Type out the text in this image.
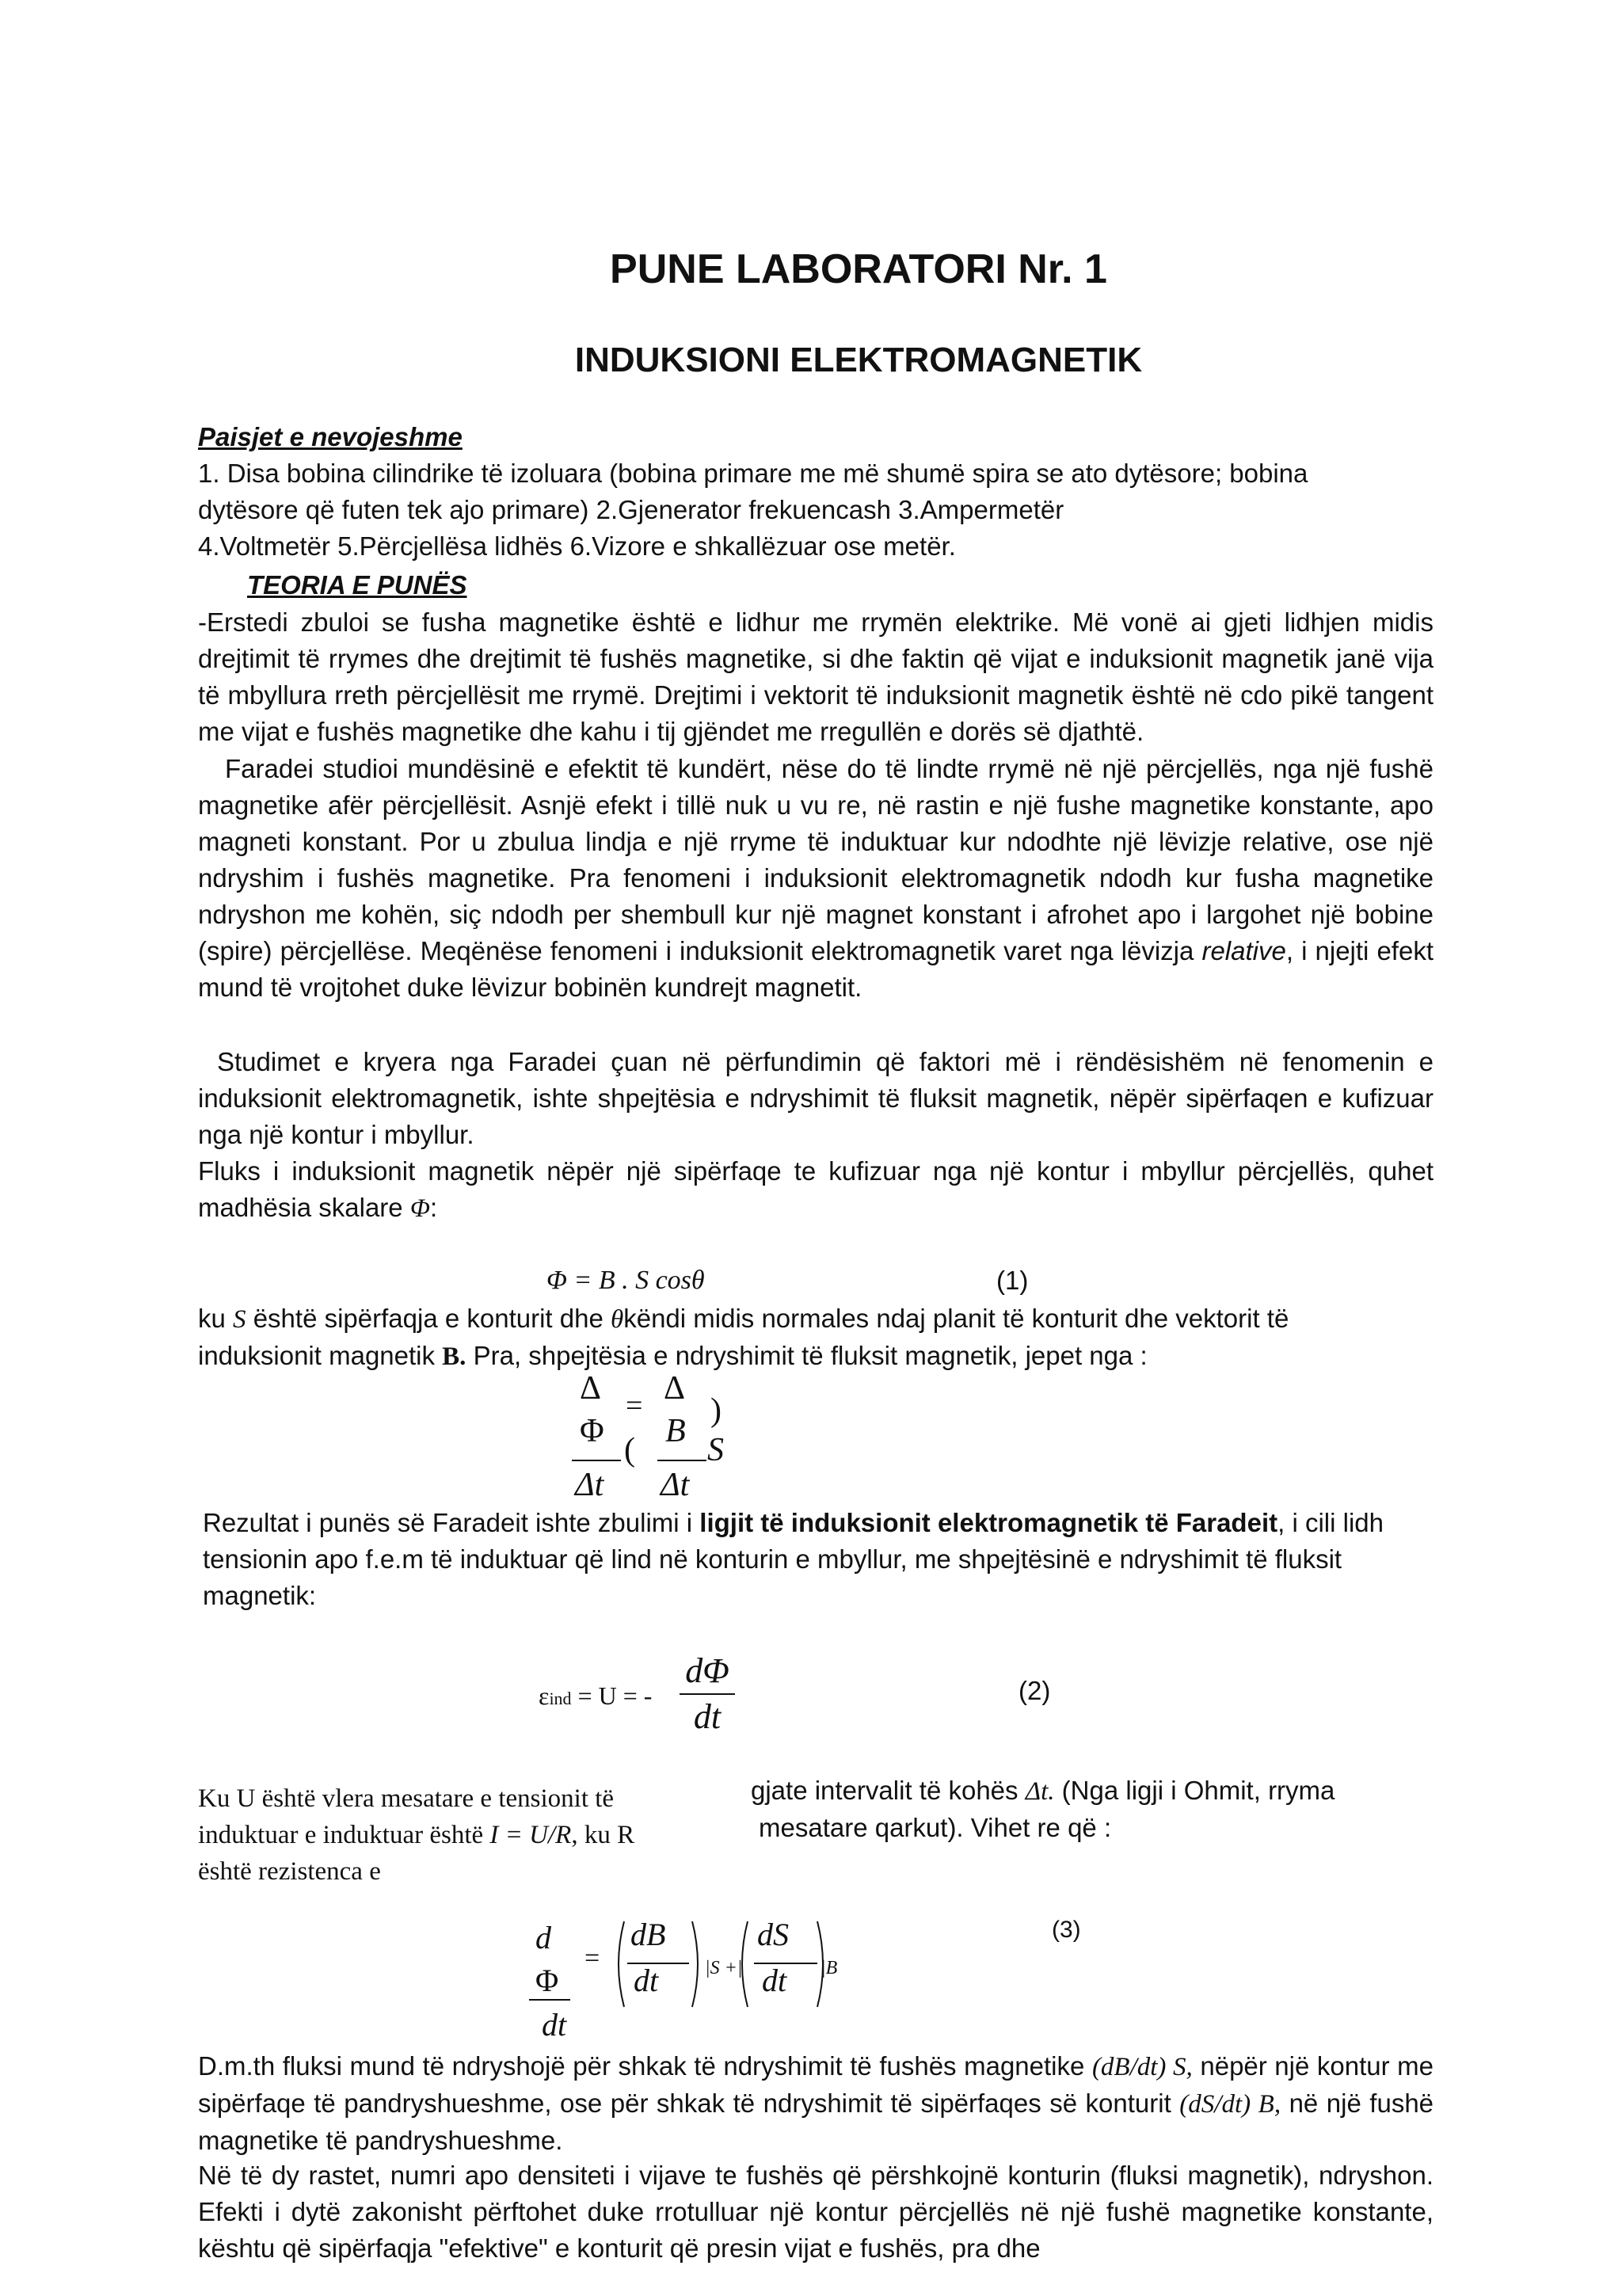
PUNE LABORATORI Nr. 1
INDUKSIONI ELEKTROMAGNETIK
Paisjet e nevojeshme
1. Disa bobina cilindrike të izoluara (bobina primare me më shumë spira se ato dytësore; bobina
dytësore që futen tek ajo primare) 2.Gjenerator frekuencash 3.Ampermetër
4.Voltmetër 5.Përcjellësa lidhës 6.Vizore e shkallëzuar ose metër.
TEORIA E PUNËS
-Erstedi zbuloi se fusha magnetike është e lidhur me rrymën elektrike. Më vonë ai gjeti lidhjen midis drejtimit të rrymes dhe drejtimit të fushës magnetike, si dhe faktin që vijat e induksionit magnetik janë vija të mbyllura rreth përcjellësit me rrymë. Drejtimi i vektorit të induksionit magnetik është në cdo pikë tangent me vijat e fushës magnetike dhe kahu i tij gjëndet me rregullën e dorës së djathtë.
Faradei studioi mundësinë e efektit të kundërt, nëse do të lindte rrymë në një përcjellës, nga një fushë magnetike afër përcjellësit. Asnjë efekt i tillë nuk u vu re, në rastin e një fushe magnetike konstante, apo magneti konstant. Por u zbulua lindja e një rryme të induktuar kur ndodhte një lëvizje relative, ose një ndryshim i fushës magnetike. Pra fenomeni i induksionit elektromagnetik ndodh kur fusha magnetike ndryshon me kohën, siç ndodh per shembull kur një magnet konstant i afrohet apo i largohet një bobine (spire) përcjellëse. Meqënëse fenomeni i induksionit elektromagnetik varet nga lëvizja relative, i njejti efekt mund të vrojtohet duke lëvizur bobinën kundrejt magnetit.
Studimet e kryera nga Faradei çuan në përfundimin që faktori më i rëndësishëm në fenomenin e induksionit elektromagnetik, ishte shpejtësia e ndryshimit të fluksit magnetik, nëpër sipërfaqen e kufizuar nga një kontur i mbyllur.
Fluks i induksionit magnetik nëpër një sipërfaqe te kufizuar nga një kontur i mbyllur përcjellës, quhet madhësia skalare Φ:
Φ = B . S cosθ	(1)
ku S është sipërfaqja e konturit dhe θkëndi midis normales ndaj planit të konturit dhe vektorit të
induksionit magnetik B. Pra, shpejtësia e ndryshimit të fluksit magnetik, jepet nga :
Δ = Δ
)
Φ B
( S
Δt Δt
Rezultat i punës së Faradeit ishte zbulimi i ligjit të induksionit elektromagnetik të Faradeit, i cili lidh tensionin apo f.e.m të induktuar që lind në konturin e mbyllur, me shpejtësinë e ndryshimit të fluksit magnetik:
εind = U = - $\frac{d\Phi}{dt}$	(2)
Ku U është vlera mesatare e tensionit të
induktuar e induktuar është I = U/R, ku R
është rezistenca e
gjate intervalit të kohës Δt. (Nga ligji i Ohmit, rryma
mesatare qarkut). Vihet re që :
d
Φ
dt
=
dB
dt |S +|
dS
dt |B
(3)
D.m.th fluksi mund të ndryshojë për shkak të ndryshimit të fushës magnetike (dB/dt) S, nëpër një kontur me sipërfaqe të pandryshueshme, ose për shkak të ndryshimit të sipërfaqes së konturit (dS/dt) B, në një fushë magnetike të pandryshueshme.
Në të dy rastet, numri apo densiteti i vijave te fushës që përshkojnë konturin (fluksi magnetik), ndryshon. Efekti i dytë zakonisht përftohet duke rrotulluar një kontur përcjellës në një fushë magnetike konstante, kështu që sipërfaqja "efektive" e konturit që presin vijat e fushës, pra dhe
